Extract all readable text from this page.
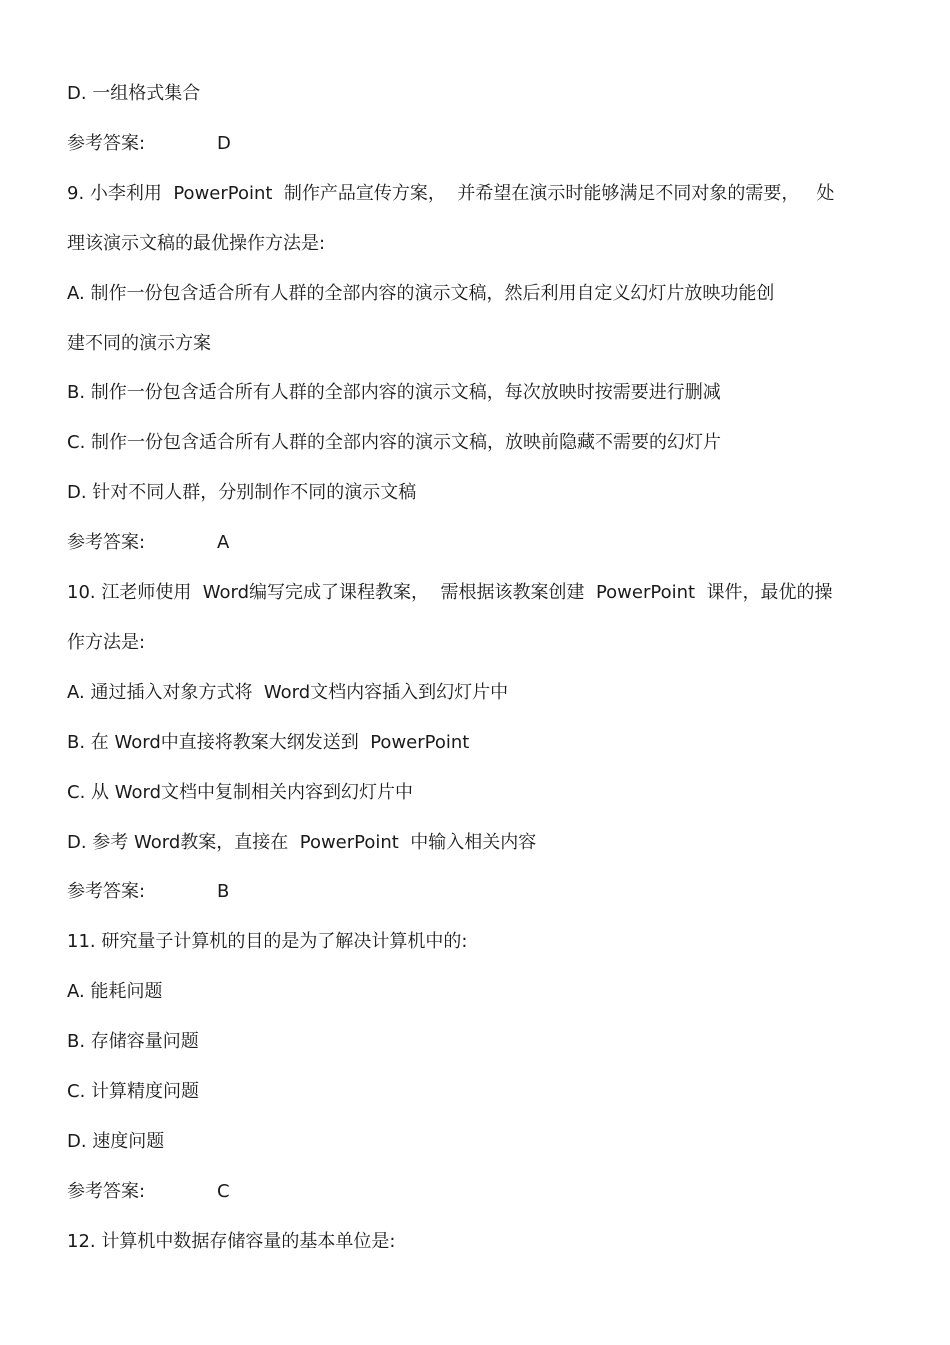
D. 一组格式集合
参考答案:	D
9. 小李利用  PowerPoint  制作产品宣传方案，  并希望在演示时能够满足不同对象的需要，   处
理该演示文稿的最优操作方法是:
A. 制作一份包含适合所有人群的全部内容的演示文稿，然后利用自定义幻灯片放映功能创
建不同的演示方案
B. 制作一份包含适合所有人群的全部内容的演示文稿，每次放映时按需要进行删减
C. 制作一份包含适合所有人群的全部内容的演示文稿，放映前隐藏不需要的幻灯片
D. 针对不同人群，分别制作不同的演示文稿
参考答案:	A
10. 江老师使用  Word编写完成了课程教案，  需根据该教案创建  PowerPoint  课件，最优的操
作方法是:
A. 通过插入对象方式将  Word文档内容插入到幻灯片中
B. 在 Word中直接将教案大纲发送到  PowerPoint
C. 从 Word文档中复制相关内容到幻灯片中
D. 参考 Word教案，直接在  PowerPoint  中输入相关内容
参考答案:	B
11. 研究量子计算机的目的是为了解决计算机中的:
A. 能耗问题
B. 存储容量问题
C. 计算精度问题
D. 速度问题
参考答案:	C
12. 计算机中数据存储容量的基本单位是:
